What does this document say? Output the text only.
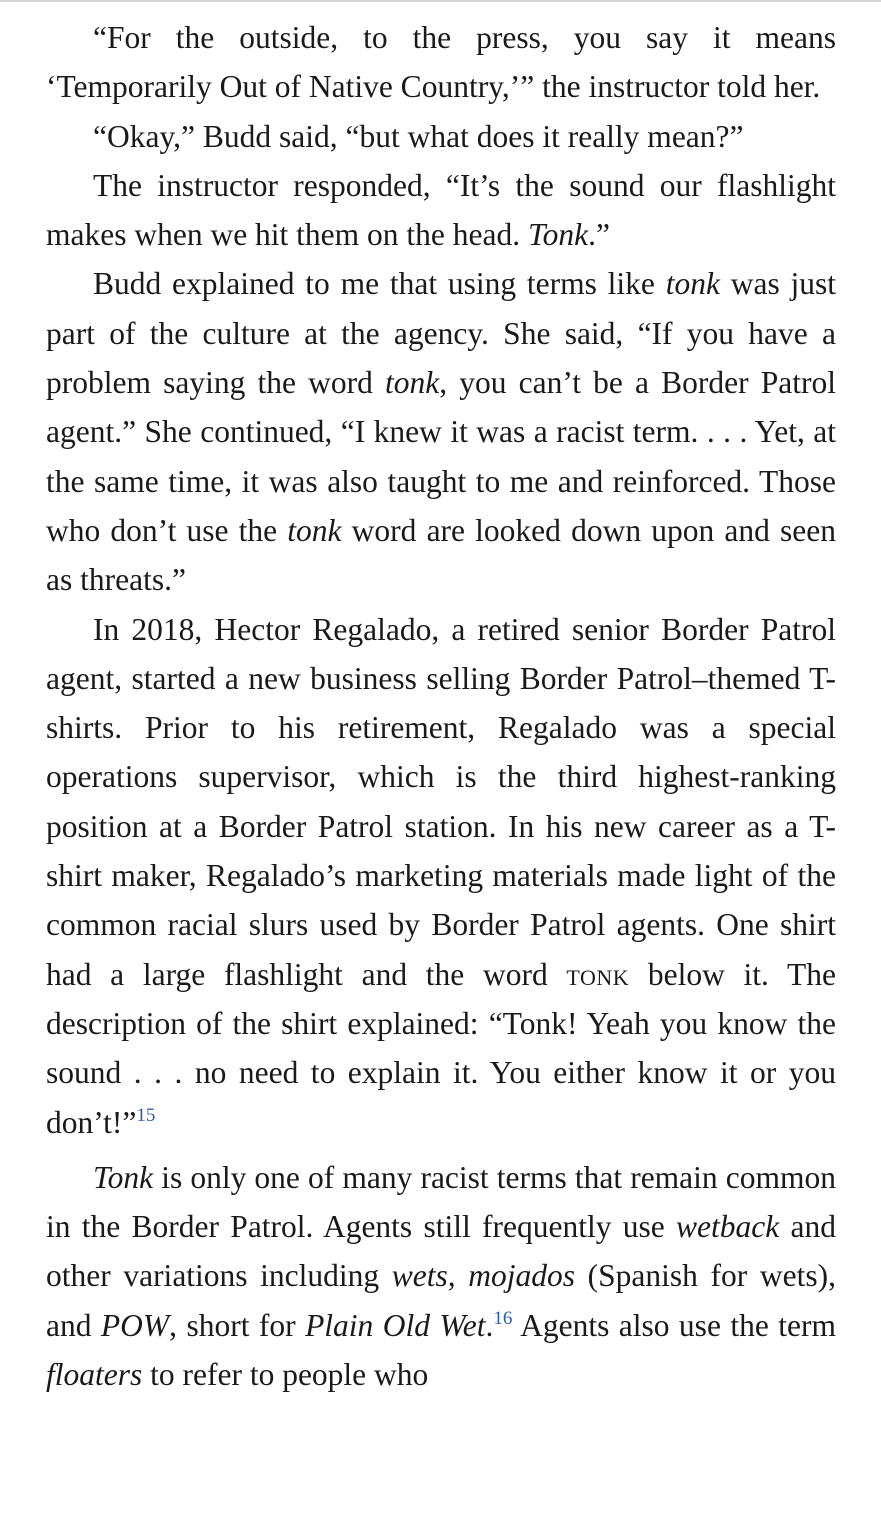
“For the outside, to the press, you say it means ‘Temporarily Out of Native Country,’” the instructor told her.

“Okay,” Budd said, “but what does it really mean?”

The instructor responded, “It’s the sound our flashlight makes when we hit them on the head. Tonk.”

Budd explained to me that using terms like tonk was just part of the culture at the agency. She said, “If you have a problem saying the word tonk, you can’t be a Border Patrol agent.” She continued, “I knew it was a racist term. . . . Yet, at the same time, it was also taught to me and reinforced. Those who don’t use the tonk word are looked down upon and seen as threats.”

In 2018, Hector Regalado, a retired senior Border Patrol agent, started a new business selling Border Patrol–themed T-shirts. Prior to his retirement, Regalado was a special operations supervisor, which is the third highest-ranking position at a Border Patrol station. In his new career as a T-shirt maker, Regalado’s marketing materials made light of the common racial slurs used by Border Patrol agents. One shirt had a large flashlight and the word tonk below it. The description of the shirt explained: “Tonk! Yeah you know the sound . . . no need to explain it. You either know it or you don’t!”$^{15}$

Tonk is only one of many racist terms that remain common in the Border Patrol. Agents still frequently use wetback and other variations including wets, mojados (Spanish for wets), and POW, short for Plain Old Wet.$^{16}$ Agents also use the term floaters to refer to people who
